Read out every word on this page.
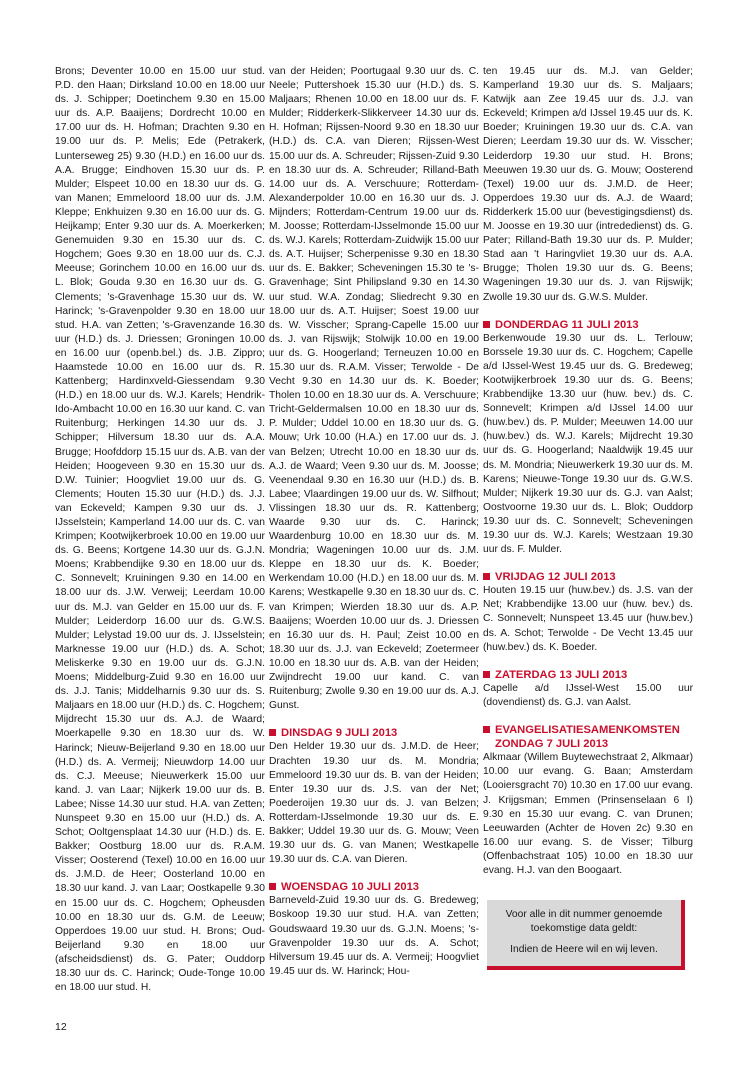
Brons; Deventer 10.00 en 15.00 uur stud. P.D. den Haan; Dirksland 10.00 en 18.00 uur ds. J. Schipper; Doetinchem 9.30 en 15.00 uur ds. A.P. Baaijens; Dordrecht 10.00 en 17.00 uur ds. H. Hofman; Drachten 9.30 en 19.00 uur ds. P. Melis; Ede (Petrakerk, Lunterseweg 25) 9.30 (H.D.) en 16.00 uur ds. A.A. Brugge; Eindhoven 15.30 uur ds. P. Mulder; Elspeet 10.00 en 18.30 uur ds. G. van Manen; Emmeloord 18.00 uur ds. J.M. Kleppe; Enkhuizen 9.30 en 16.00 uur ds. G. Heijkamp; Enter 9.30 uur ds. A. Moerkerken; Genemuiden 9.30 en 15.30 uur ds. C. Hogchem; Goes 9.30 en 18.00 uur ds. C.J. Meeuse; Gorinchem 10.00 en 16.00 uur ds. L. Blok; Gouda 9.30 en 16.30 uur ds. G. Clements; 's-Gravenhage 15.30 uur ds. W. Harinck; 's-Gravenpolder 9.30 en 18.00 uur stud. H.A. van Zetten; 's-Gravenzande 16.30 uur (H.D.) ds. J. Driessen; Groningen 10.00 en 16.00 uur (openb.bel.) ds. J.B. Zippro; Haamstede 10.00 en 16.00 uur ds. R. Kattenberg; Hardinxveld-Giessendam 9.30 (H.D.) en 18.00 uur ds. W.J. Karels; Hendrik-Ido-Ambacht 10.00 en 16.30 uur kand. C. van Ruitenburg; Herkingen 14.30 uur ds. J. Schipper; Hilversum 18.30 uur ds. A.A. Brugge; Hoofddorp 15.15 uur ds. A.B. van der Heiden; Hoogeveen 9.30 en 15.30 uur ds. D.W. Tuinier; Hoogvliet 19.00 uur ds. G. Clements; Houten 15.30 uur (H.D.) ds. J.J. van Eckeveld; Kampen 9.30 uur ds. J. IJsselstein; Kamperland 14.00 uur ds. C. van Krimpen; Kootwijkerbroek 10.00 en 19.00 uur ds. G. Beens; Kortgene 14.30 uur ds. G.J.N. Moens; Krabbendijke 9.30 en 18.00 uur ds. C. Sonnevelt; Kruiningen 9.30 en 14.00 en 18.00 uur ds. J.W. Verweij; Leerdam 10.00 uur ds. M.J. van Gelder en 15.00 uur ds. F. Mulder; Leiderdorp 16.00 uur ds. G.W.S. Mulder; Lelystad 19.00 uur ds. J. IJsselstein; Marknesse 19.00 uur (H.D.) ds. A. Schot; Meliskerke 9.30 en 19.00 uur ds. G.J.N. Moens; Middelburg-Zuid 9.30 en 16.00 uur ds. J.J. Tanis; Middelharnis 9.30 uur ds. S. Maljaars en 18.00 uur (H.D.) ds. C. Hogchem; Mijdrecht 15.30 uur ds. A.J. de Waard; Moerkapelle 9.30 en 18.30 uur ds. W. Harinck; Nieuw-Beijerland 9.30 en 18.00 uur (H.D.) ds. A. Vermeij; Nieuwdorp 14.00 uur ds. C.J. Meeuse; Nieuwerkerk 15.00 uur kand. J. van Laar; Nijkerk 19.00 uur ds. B. Labee; Nisse 14.30 uur stud. H.A. van Zetten; Nunspeet 9.30 en 15.00 uur (H.D.) ds. A. Schot; Ooltgensplaat 14.30 uur (H.D.) ds. E. Bakker; Oostburg 18.00 uur ds. R.A.M. Visser; Oosterend (Texel) 10.00 en 16.00 uur ds. J.M.D. de Heer; Oosterland 10.00 en 18.30 uur kand. J. van Laar; Oostkapelle 9.30 en 15.00 uur ds. C. Hogchem; Opheusden 10.00 en 18.30 uur ds. G.M. de Leeuw; Opperdoes 19.00 uur stud. H. Brons; Oud-Beijerland 9.30 en 18.00 uur (afscheidsdienst) ds. G. Pater; Ouddorp 18.30 uur ds. C. Harinck; Oude-Tonge 10.00 en 18.00 uur stud. H.

van der Heiden; Poortugaal 9.30 uur ds. C. Neele; Puttershoek 15.30 uur (H.D.) ds. S. Maljaars; Rhenen 10.00 en 18.00 uur ds. F. Mulder; Ridderkerk-Slikkerveer 14.30 uur ds. H. Hofman; Rijssen-Noord 9.30 en 18.30 uur (H.D.) ds. C.A. van Dieren; Rijssen-West 15.00 uur ds. A. Schreuder; Rijssen-Zuid 9.30 en 18.30 uur ds. A. Schreuder; Rilland-Bath 14.00 uur ds. A. Verschuure; Rotterdam-Alexanderpolder 10.00 en 16.30 uur ds. J. Mijnders; Rotterdam-Centrum 19.00 uur ds. M. Joosse; Rotterdam-IJsselmonde 15.00 uur ds. W.J. Karels; Rotterdam-Zuidwijk 15.00 uur ds. A.T. Huijser; Scherpenisse 9.30 en 18.30 uur ds. E. Bakker; Scheveningen 15.30 te 's-Gravenhage; Sint Philipsland 9.30 en 14.30 uur stud. W.A. Zondag; Sliedrecht 9.30 en 18.00 uur ds. A.T. Huijser; Soest 19.00 uur ds. W. Visscher; Sprang-Capelle 15.00 uur ds. J. van Rijswijk; Stolwijk 10.00 en 19.00 uur ds. G. Hoogerland; Terneuzen 10.00 en 15.30 uur ds. R.A.M. Visser; Terwolde - De Vecht 9.30 en 14.30 uur ds. K. Boeder; Tholen 10.00 en 18.30 uur ds. A. Verschuure; Tricht-Geldermalsen 10.00 en 18.30 uur ds. P. Mulder; Uddel 10.00 en 18.30 uur ds. G. Mouw; Urk 10.00 (H.A.) en 17.00 uur ds. J. van Belzen; Utrecht 10.00 en 18.30 uur ds. A.J. de Waard; Veen 9.30 uur ds. M. Joosse; Veenendaal 9.30 en 16.30 uur (H.D.) ds. B. Labee; Vlaardingen 19.00 uur ds. W. Silfhout; Vlissingen 18.30 uur ds. R. Kattenberg; Waarde 9.30 uur ds. C. Harinck; Waardenburg 10.00 en 18.30 uur ds. M. Mondria; Wageningen 10.00 uur ds. J.M. Kleppe en 18.30 uur ds. K. Boeder; Werkendam 10.00 (H.D.) en 18.00 uur ds. M. Karens; Westkapelle 9.30 en 18.30 uur ds. C. van Krimpen; Wierden 18.30 uur ds. A.P. Baaijens; Woerden 10.00 uur ds. J. Driessen en 16.30 uur ds. H. Paul; Zeist 10.00 en 18.30 uur ds. J.J. van Eckeveld; Zoetermeer 10.00 en 18.30 uur ds. A.B. van der Heiden; Zwijndrecht 19.00 uur kand. C. van Ruitenburg; Zwolle 9.30 en 19.00 uur ds. A.J. Gunst.

DINSDAG 9 JULI 2013

Den Helder 19.30 uur ds. J.M.D. de Heer; Drachten 19.30 uur ds. M. Mondria; Emmeloord 19.30 uur ds. B. van der Heiden; Enter 19.30 uur ds. J.S. van der Net; Poederoijen 19.30 uur ds. J. van Belzen; Rotterdam-IJsselmonde 19.30 uur ds. E. Bakker; Uddel 19.30 uur ds. G. Mouw; Veen 19.30 uur ds. G. van Manen; Westkapelle 19.30 uur ds. C.A. van Dieren.

WOENSDAG 10 JULI 2013

Barneveld-Zuid 19.30 uur ds. G. Bredeweg; Boskoop 19.30 uur stud. H.A. van Zetten; Goudswaard 19.30 uur ds. G.J.N. Moens; 's-Gravenpolder 19.30 uur ds. A. Schot; Hilversum 19.45 uur ds. A. Vermeij; Hoogvliet 19.45 uur ds. W. Harinck; Hou-

ten 19.45 uur ds. M.J. van Gelder; Kamperland 19.30 uur ds. S. Maljaars; Katwijk aan Zee 19.45 uur ds. J.J. van Eckeveld; Krimpen a/d IJssel 19.45 uur ds. K. Boeder; Kruiningen 19.30 uur ds. C.A. van Dieren; Leerdam 19.30 uur ds. W. Visscher; Leiderdorp 19.30 uur stud. H. Brons; Meeuwen 19.30 uur ds. G. Mouw; Oosterend (Texel) 19.00 uur ds. J.M.D. de Heer; Opperdoes 19.30 uur ds. A.J. de Waard; Ridderkerk 15.00 uur (bevestigingsdienst) ds. M. Joosse en 19.30 uur (intrededienst) ds. G. Pater; Rilland-Bath 19.30 uur ds. P. Mulder; Stad aan 't Haringvliet 19.30 uur ds. A.A. Brugge; Tholen 19.30 uur ds. G. Beens; Wageningen 19.30 uur ds. J. van Rijswijk; Zwolle 19.30 uur ds. G.W.S. Mulder.

DONDERDAG 11 JULI 2013

Berkenwoude 19.30 uur ds. L. Terlouw; Borssele 19.30 uur ds. C. Hogchem; Capelle a/d IJssel-West 19.45 uur ds. G. Bredeweg; Kootwijkerbroek 19.30 uur ds. G. Beens; Krabbendijke 13.30 uur (huw. bev.) ds. C. Sonnevelt; Krimpen a/d IJssel 14.00 uur (huw.bev.) ds. P. Mulder; Meeuwen 14.00 uur (huw.bev.) ds. W.J. Karels; Mijdrecht 19.30 uur ds. G. Hoogerland; Naaldwijk 19.45 uur ds. M. Mondria; Nieuwerkerk 19.30 uur ds. M. Karens; Nieuwe-Tonge 19.30 uur ds. G.W.S. Mulder; Nijkerk 19.30 uur ds. G.J. van Aalst; Oostvoorne 19.30 uur ds. L. Blok; Ouddorp 19.30 uur ds. C. Sonnevelt; Scheveningen 19.30 uur ds. W.J. Karels; Westzaan 19.30 uur ds. F. Mulder.

VRIJDAG 12 JULI 2013

Houten 19.15 uur (huw.bev.) ds. J.S. van der Net; Krabbendijke 13.00 uur (huw. bev.) ds. C. Sonnevelt; Nunspeet 13.45 uur (huw.bev.) ds. A. Schot; Terwolde - De Vecht 13.45 uur (huw.bev.) ds. K. Boeder.

ZATERDAG 13 JULI 2013

Capelle a/d IJssel-West 15.00 uur (dovendienst) ds. G.J. van Aalst.

EVANGELISATIESAMENKOMSTEN
ZONDAG 7 JULI 2013

Alkmaar (Willem Buytewechstraat 2, Alkmaar) 10.00 uur evang. G. Baan; Amsterdam (Looiersgracht 70) 10.30 en 17.00 uur evang. J. Krijgsman; Emmen (Prinsenselaan 6 I) 9.30 en 15.30 uur evang. C. van Drunen; Leeuwarden (Achter de Hoven 2c) 9.30 en 16.00 uur evang. S. de Visser; Tilburg (Offenbachstraat 105) 10.00 en 18.30 uur evang. H.J. van den Boogaart.

Voor alle in dit nummer genoemde
toekomstige data geldt:
Indien de Heere wil en wij leven.
12
